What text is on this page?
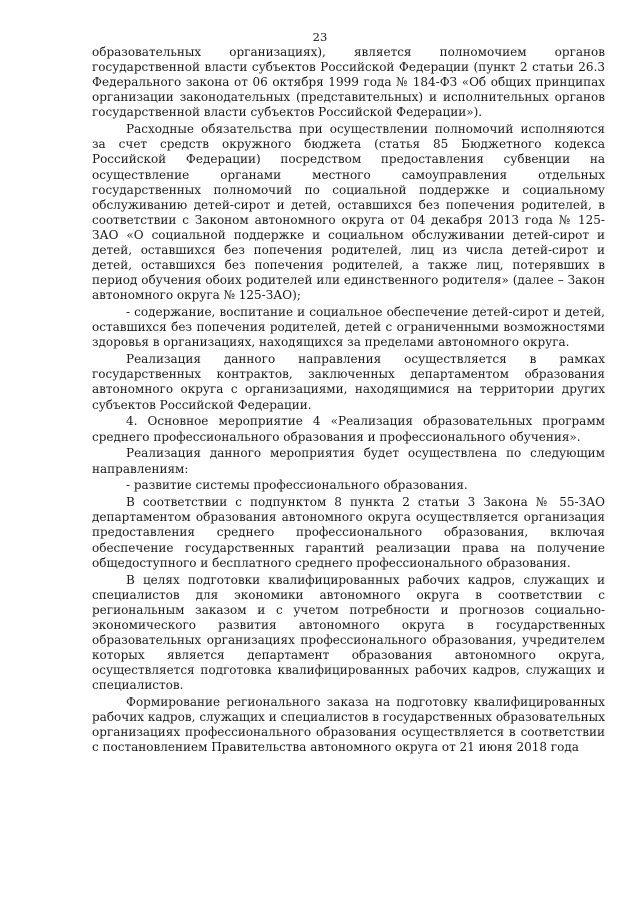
23

образовательных организациях), является полномочием органов государственной власти субъектов Российской Федерации (пункт 2 статьи 26.3 Федерального закона от 06 октября 1999 года № 184-ФЗ «Об общих принципах организации законодательных (представительных) и исполнительных органов государственной власти субъектов Российской Федерации»).

Расходные обязательства при осуществлении полномочий исполняются за счет средств окружного бюджета (статья 85 Бюджетного кодекса Российской Федерации) посредством предоставления субвенции на осуществление органами местного самоуправления отдельных государственных полномочий по социальной поддержке и социальному обслуживанию детей-сирот и детей, оставшихся без попечения родителей, в соответствии с Законом автономного округа от 04 декабря 2013 года № 125-ЗАО «О социальной поддержке и социальном обслуживании детей-сирот и детей, оставшихся без попечения родителей, лиц из числа детей-сирот и детей, оставшихся без попечения родителей, а также лиц, потерявших в период обучения обоих родителей или единственного родителя» (далее – Закон автономного округа № 125-ЗАО);

- содержание, воспитание и социальное обеспечение детей-сирот и детей, оставшихся без попечения родителей, детей с ограниченными возможностями здоровья в организациях, находящихся за пределами автономного округа.

Реализация данного направления осуществляется в рамках государственных контрактов, заключенных департаментом образования автономного округа с организациями, находящимися на территории других субъектов Российской Федерации.

4. Основное мероприятие 4 «Реализация образовательных программ среднего профессионального образования и профессионального обучения».

Реализация данного мероприятия будет осуществлена по следующим направлениям:

- развитие системы профессионального образования.

В соответствии с подпунктом 8 пункта 2 статьи 3 Закона № 55-ЗАО департаментом образования автономного округа осуществляется организация предоставления среднего профессионального образования, включая обеспечение государственных гарантий реализации права на получение общедоступного и бесплатного среднего профессионального образования.

В целях подготовки квалифицированных рабочих кадров, служащих и специалистов для экономики автономного округа в соответствии с региональным заказом и с учетом потребности и прогнозов социально-экономического развития автономного округа в государственных образовательных организациях профессионального образования, учредителем которых является департамент образования автономного округа, осуществляется подготовка квалифицированных рабочих кадров, служащих и специалистов.

Формирование регионального заказа на подготовку квалифицированных рабочих кадров, служащих и специалистов в государственных образовательных организациях профессионального образования осуществляется в соответствии с постановлением Правительства автономного округа от 21 июня 2018 года
